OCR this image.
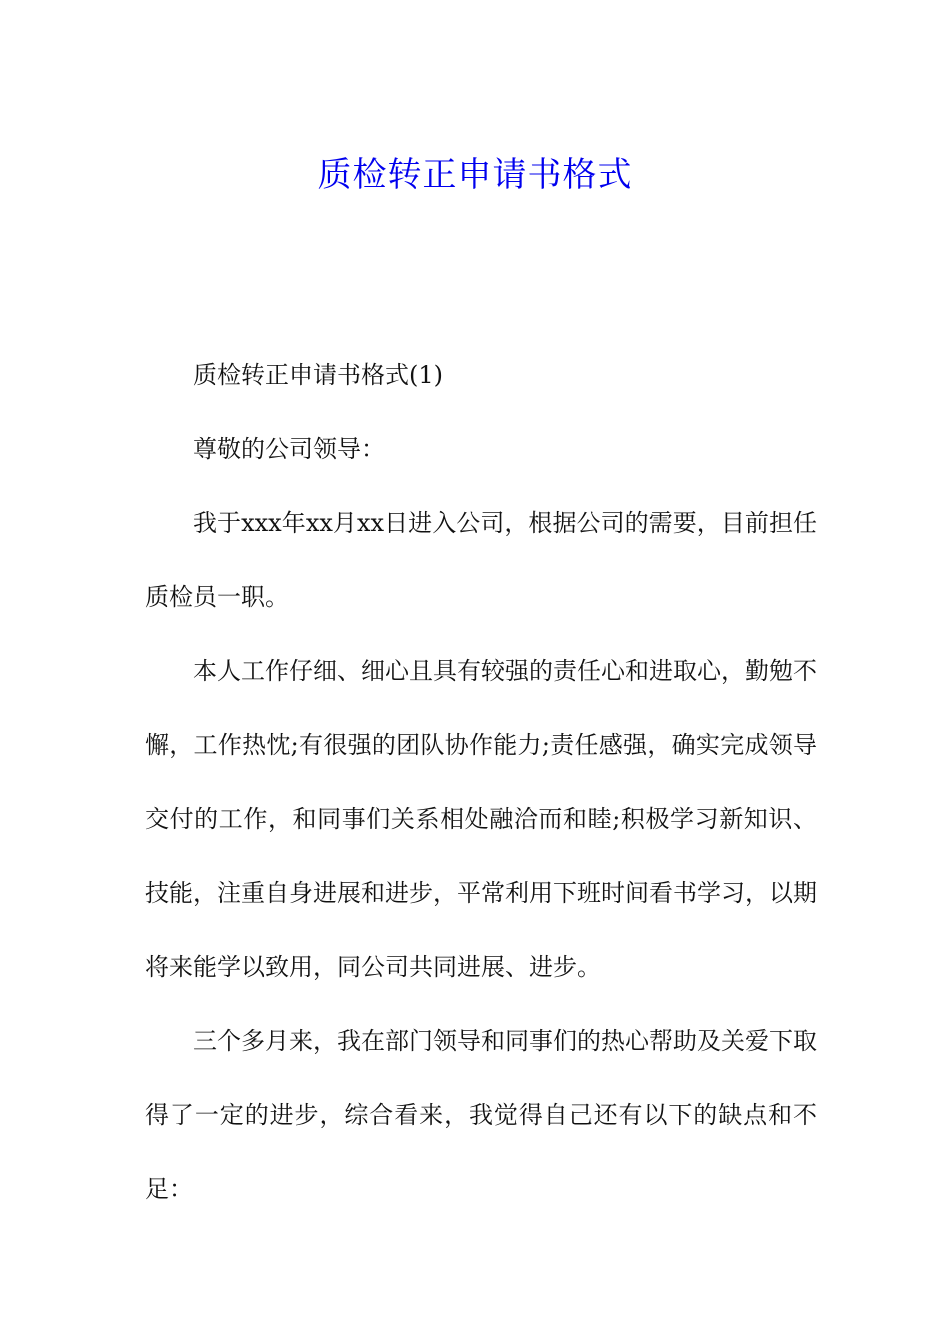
质检转正申请书格式

质检转正申请书格式(1)

尊敬的公司领导：

我于xxx年xx月xx日进入公司，根据公司的需要，目前担任质检员一职。

本人工作仔细、细心且具有较强的责任心和进取心，勤勉不懈，工作热忱;有很强的团队协作能力;责任感强，确实完成领导交付的工作，和同事们关系相处融洽而和睦;积极学习新知识、技能，注重自身进展和进步，平常利用下班时间看书学习，以期将来能学以致用，同公司共同进展、进步。

三个多月来，我在部门领导和同事们的热心帮助及关爱下取得了一定的进步，综合看来，我觉得自己还有以下的缺点和不足：
